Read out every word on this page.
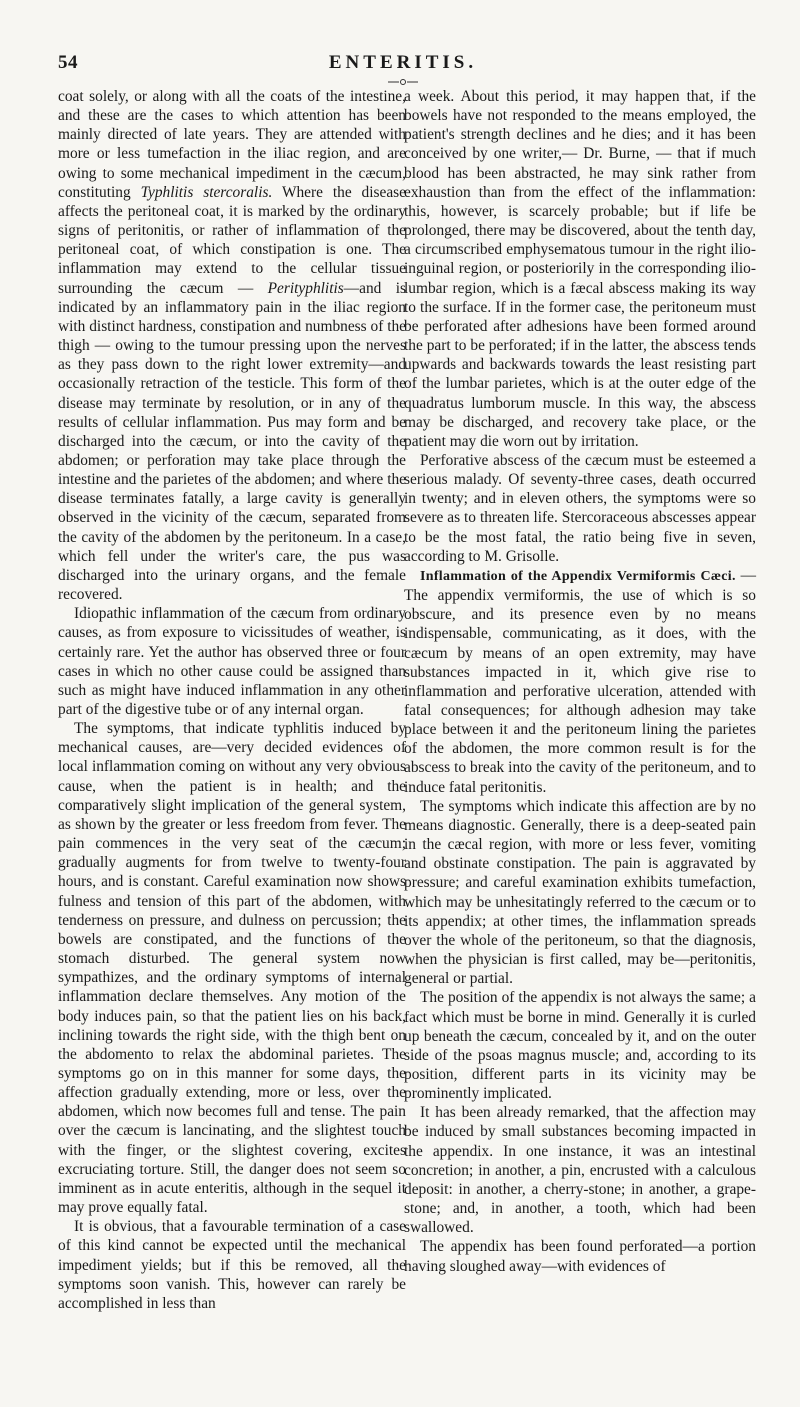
54	ENTERITIS.

coat solely, or along with all the coats of the intestine, and these are the cases to which attention has been mainly directed of late years. They are attended with more or less tumefaction in the iliac region, and are owing to some mechanical impediment in the cæcum, constituting Typhlitis stercoralis. Where the disease affects the peritoneal coat, it is marked by the ordinary signs of peritonitis, or rather of inflammation of the peritoneal coat, of which constipation is one. The inflammation may extend to the cellular tissue surrounding the cæcum — Perityphlitis—and is indicated by an inflammatory pain in the iliac region with distinct hardness, constipation and numbness of the thigh — owing to the tumour pressing upon the nerves as they pass down to the right lower extremity—and occasionally retraction of the testicle. This form of the disease may terminate by resolution, or in any of the results of cellular inflammation. Pus may form and be discharged into the cæcum, or into the cavity of the abdomen; or perforation may take place through the intestine and the parietes of the abdomen; and where the disease terminates fatally, a large cavity is generally observed in the vicinity of the cæcum, separated from the cavity of the abdomen by the peritoneum. In a case, which fell under the writer's care, the pus was discharged into the urinary organs, and the female recovered.

Idiopathic inflammation of the cæcum from ordinary causes, as from exposure to vicissitudes of weather, is certainly rare. Yet the author has observed three or four cases in which no other cause could be assigned than such as might have induced inflammation in any other part of the digestive tube or of any internal organ.

The symptoms, that indicate typhlitis induced by mechanical causes, are—very decided evidences of local inflammation coming on without any very obvious cause, when the patient is in health; and the comparatively slight implication of the general system, as shown by the greater or less freedom from fever. The pain commences in the very seat of the cæcum; gradually augments for from twelve to twenty-four hours, and is constant. Careful examination now shows fulness and tension of this part of the abdomen, with tenderness on pressure, and dulness on percussion; the bowels are constipated, and the functions of the stomach disturbed. The general system now sympathizes, and the ordinary symptoms of internal inflammation declare themselves. Any motion of the body induces pain, so that the patient lies on his back, inclining towards the right side, with the thigh bent on the abdomento to relax the abdominal parietes. The symptoms go on in this manner for some days, the affection gradually extending, more or less, over the abdomen, which now becomes full and tense. The pain over the cæcum is lancinating, and the slightest touch with the finger, or the slightest covering, excites excruciating torture. Still, the danger does not seem so imminent as in acute enteritis, although in the sequel it may prove equally fatal.

It is obvious, that a favourable termination of a case of this kind cannot be expected until the mechanical impediment yields; but if this be removed, all the symptoms soon vanish. This, however can rarely be accomplished in less than

a week. About this period, it may happen that, if the bowels have not responded to the means employed, the patient's strength declines and he dies; and it has been conceived by one writer,— Dr. Burne, — that if much blood has been abstracted, he may sink rather from exhaustion than from the effect of the inflammation: this, however, is scarcely probable; but if life be prolonged, there may be discovered, about the tenth day, a circumscribed emphysematous tumour in the right ilio-inguinal region, or posteriorily in the corresponding ilio-lumbar region, which is a fæcal abscess making its way to the surface. If in the former case, the peritoneum must be perforated after adhesions have been formed around the part to be perforated; if in the latter, the abscess tends upwards and backwards towards the least resisting part of the lumbar parietes, which is at the outer edge of the quadratus lumborum muscle. In this way, the abscess may be discharged, and recovery take place, or the patient may die worn out by irritation.

Perforative abscess of the cæcum must be esteemed a serious malady. Of seventy-three cases, death occurred in twenty; and in eleven others, the symptoms were so severe as to threaten life. Stercoraceous abscesses appear to be the most fatal, the ratio being five in seven, according to M. Grisolle.

Inflammation of the Appendix Vermiformis Cæci. — The appendix vermiformis, the use of which is so obscure, and its presence even by no means indispensable, communicating, as it does, with the cæcum by means of an open extremity, may have substances impacted in it, which give rise to inflammation and perforative ulceration, attended with fatal consequences; for although adhesion may take place between it and the peritoneum lining the parietes of the abdomen, the more common result is for the abscess to break into the cavity of the peritoneum, and to induce fatal peritonitis.

The symptoms which indicate this affection are by no means diagnostic. Generally, there is a deep-seated pain in the cæcal region, with more or less fever, vomiting and obstinate constipation. The pain is aggravated by pressure; and careful examination exhibits tumefaction, which may be unhesitatingly referred to the cæcum or to its appendix; at other times, the inflammation spreads over the whole of the peritoneum, so that the diagnosis, when the physician is first called, may be—peritonitis, general or partial.

The position of the appendix is not always the same; a fact which must be borne in mind. Generally it is curled up beneath the cæcum, concealed by it, and on the outer side of the psoas magnus muscle; and, according to its position, different parts in its vicinity may be prominently implicated.

It has been already remarked, that the affection may be induced by small substances becoming impacted in the appendix. In one instance, it was an intestinal concretion; in another, a pin, encrusted with a calculous deposit: in another, a cherry-stone; in another, a grape-stone; and, in another, a tooth, which had been swallowed.

The appendix has been found perforated—a portion having sloughed away—with evidences of
